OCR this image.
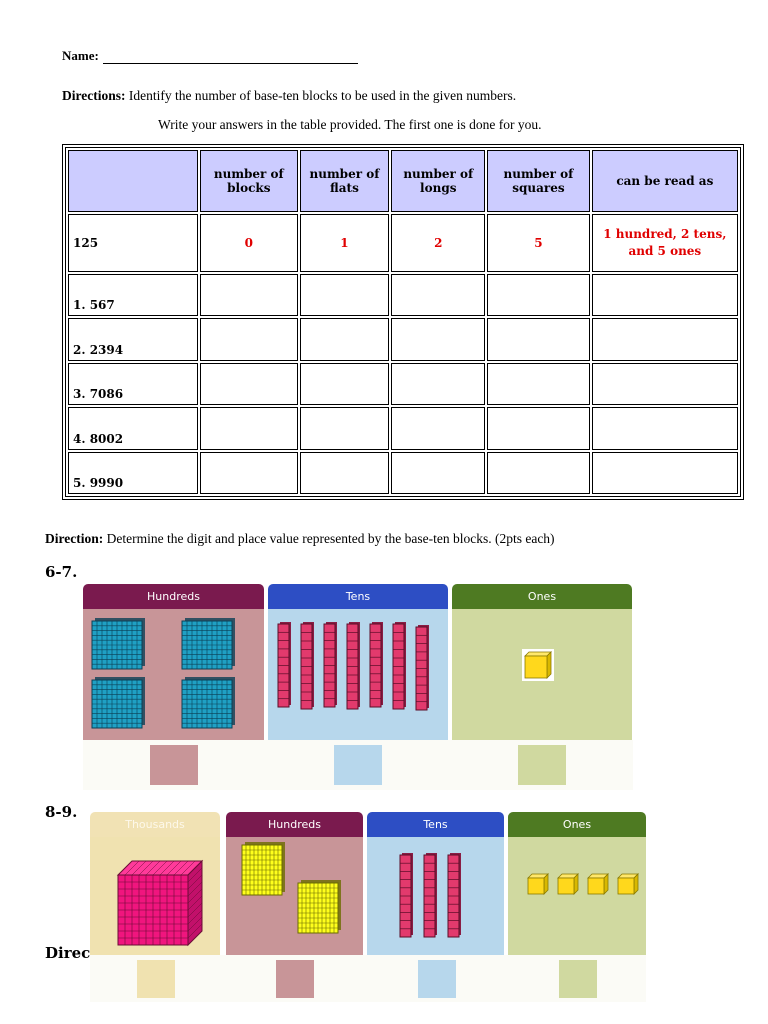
Name:
Directions: Identify the number of base-ten blocks to be used in the given numbers.
Write your answers in the table provided. The first one is done for you.
	number of blocks	number of flats	number of longs	number of squares	can be read as
125	0	1	2	5	1 hundred, 2 tens, and 5 ones
1. 567					
2. 2394					
3. 7086					
4. 8002					
5. 9990					
Direction: Determine the digit and place value represented by the base-ten blocks. (2pts each)
6-7.
Hundreds	Tens	Ones
8-9.
Thousands	Hundreds	Tens	Ones
Direc
